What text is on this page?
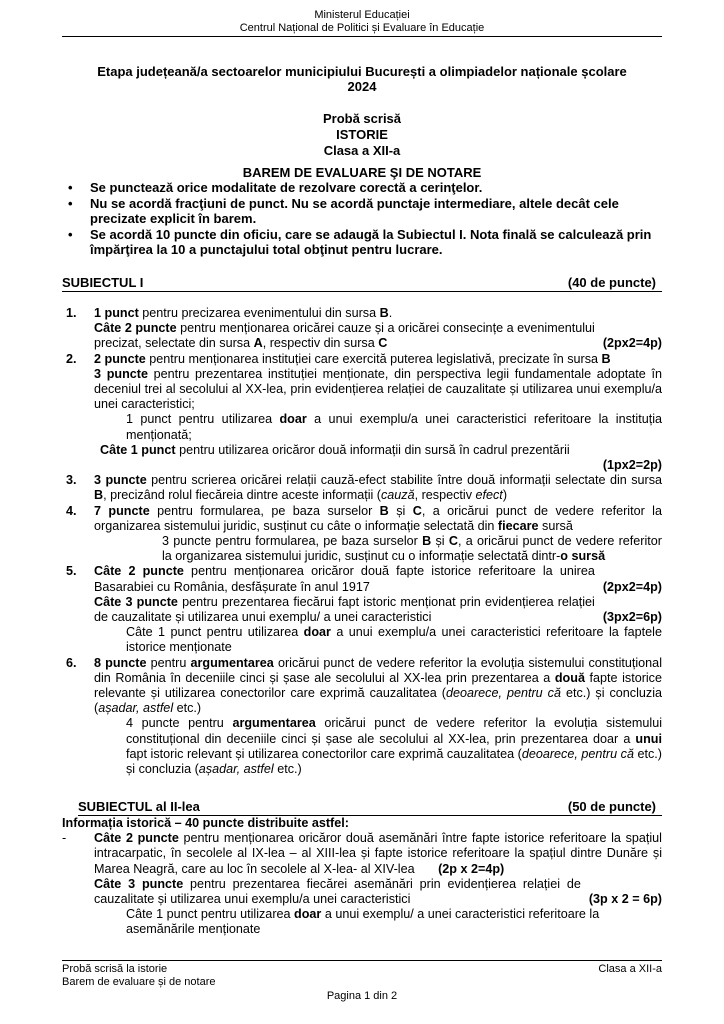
Ministerul Educației
Centrul Național de Politici și Evaluare în Educație
Etapa județeană/a sectoarelor municipiului București a olimpiadelor naționale școlare
2024
Probă scrisă
ISTORIE
Clasa a XII-a
BAREM DE EVALUARE ŞI DE NOTARE
• Se punctează orice modalitate de rezolvare corectă a cerinţelor.
• Nu se acordă fracţiuni de punct. Nu se acordă punctaje intermediare, altele decât cele precizate explicit în barem.
• Se acordă 10 puncte din oficiu, care se adaugă la Subiectul I. Nota finală se calculează prin împărţirea la 10 a punctajului total obţinut pentru lucrare.
SUBIECTUL I	(40 de puncte)
1. 1 punct pentru precizarea evenimentului din sursa B.
Câte 2 puncte pentru menționarea oricărei cauze și a oricărei consecințe a evenimentului precizat, selectate din sursa A, respectiv din sursa C	(2px2=4p)
2. 2 puncte pentru menționarea instituției care exercită puterea legislativă, precizate în sursa B
3 puncte pentru prezentarea instituției menționate, din perspectiva legii fundamentale adoptate în deceniul trei al secolului al XX-lea, prin evidențierea relației de cauzalitate și utilizarea unui exemplu/a unei caracteristici;
1 punct pentru utilizarea doar a unui exemplu/a unei caracteristici referitoare la instituția menționată;
Câte 1 punct pentru utilizarea oricăror două informații din sursă în cadrul prezentării
(1px2=2p)
3. 3 puncte pentru scrierea oricărei relații cauză-efect stabilite între două informații selectate din sursa B, precizând rolul fiecăreia dintre aceste informații (cauză, respectiv efect)
4. 7 puncte pentru formularea, pe baza surselor B și C, a oricărui punct de vedere referitor la organizarea sistemului juridic, susținut cu câte o informație selectată din fiecare sursă
3 puncte pentru formularea, pe baza surselor B și C, a oricărui punct de vedere referitor la organizarea sistemului juridic, susținut cu o informație selectată dintr-o sursă
5. Câte 2 puncte pentru menționarea oricăror două fapte istorice referitoare la unirea Basarabiei cu România, desfășurate în anul 1917	(2px2=4p)
Câte 3 puncte pentru prezentarea fiecărui fapt istoric menționat prin evidențierea relației de cauzalitate și utilizarea unui exemplu/ a unei caracteristici	(3px2=6p)
Câte 1 punct pentru utilizarea doar a unui exemplu/a unei caracteristici referitoare la faptele istorice menționate
6. 8 puncte pentru argumentarea oricărui punct de vedere referitor la evoluția sistemului constituțional din România în deceniile cinci și șase ale secolului al XX-lea prin prezentarea a două fapte istorice relevante și utilizarea conectorilor care exprimă cauzalitatea (deoarece, pentru că etc.) și concluzia (așadar, astfel etc.)
4 puncte pentru argumentarea oricărui punct de vedere referitor la evoluția sistemului constituțional din deceniile cinci și șase ale secolului al XX-lea, prin prezentarea doar a unui fapt istoric relevant și utilizarea conectorilor care exprimă cauzalitatea (deoarece, pentru că etc.) și concluzia (așadar, astfel etc.)
SUBIECTUL al II-lea	(50 de puncte)
Informația istorică – 40 puncte distribuite astfel:
- Câte 2 puncte pentru menționarea oricăror două asemănări între fapte istorice referitoare la spațiul intracarpatic, în secolele al IX-lea – al XIII-lea și fapte istorice referitoare la spațiul dintre Dunăre și Marea Neagră, care au loc în secolele al X-lea- al XIV-lea (2p x 2=4p)
Câte 3 puncte pentru prezentarea fiecărei asemănări prin evidențierea relației de cauzalitate și utilizarea unui exemplu/a unei caracteristici	(3p x 2 = 6p)
Câte 1 punct pentru utilizarea doar a unui exemplu/ a unei caracteristici referitoare la asemănările menționate
Probă scrisă la istorie
Barem de evaluare și de notare
Clasa a XII-a
Pagina 1 din 2
